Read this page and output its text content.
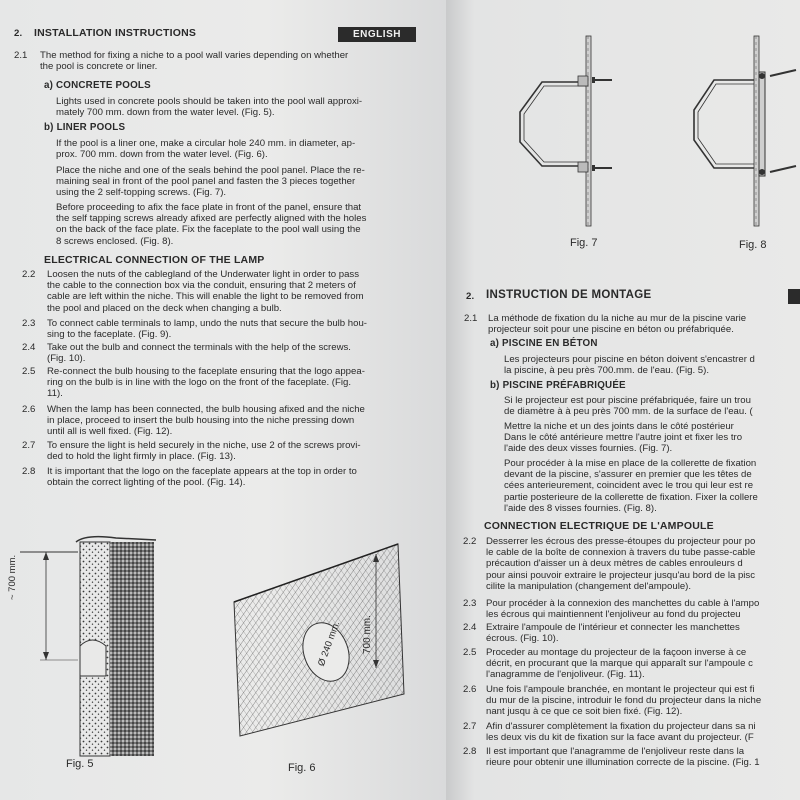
2. INSTALLATION INSTRUCTIONS	ENGLISH
2.1 The method for fixing a niche to a pool wall varies depending on whether
the pool is concrete or liner.
a) CONCRETE POOLS
Lights used in concrete pools should be taken into the pool wall approxi-
mately 700 mm. down from the water level. (Fig. 5).
b) LINER POOLS
If the pool is a liner one, make a circular hole 240 mm. in diameter, ap-
prox. 700 mm. down from the water level. (Fig. 6).
Place the niche and one of the seals behind the pool panel. Place the re-
maining seal in front of the pool panel and fasten the 3 pieces together
using the 2 self-topping screws. (Fig. 7).
Before proceeding to afix the face plate in front of the panel, ensure that
the self tapping screws already afixed are perfectly aligned with the holes
on the back of the face plate. Fix the faceplate to the pool wall using the
8 screws enclosed. (Fig. 8).
ELECTRICAL CONNECTION OF THE LAMP
2.2 Loosen the nuts of the cablegland of the Underwater light in order to pass
the cable to the connection box via the conduit, ensuring that 2 meters of
cable are left within the niche. This will enable the light to be removed from
the pool and placed on the deck when changing a bulb.
2.3 To connect cable terminals to lamp, undo the nuts that secure the bulb hou-
sing to the faceplate. (Fig. 9).
2.4 Take out the bulb and connect the terminals with the help of the screws.
(Fig. 10).
2.5 Re-connect the bulb housing to the faceplate ensuring that the logo appea-
ring on the bulb is in line with the logo on the front of the faceplate. (Fig.
11).
2.6 When the lamp has been connected, the bulb housing afixed and the niche
in place, proceed to insert the bulb housing into the niche pressing down
until all is well fixed. (Fig. 12).
2.7 To ensure the light is held securely in the niche, use 2 of the screws provi-
ded to hold the light firmly in place. (Fig. 13).
2.8 It is important that the logo on the faceplate appears at the top in order to
obtain the correct lighting of the pool. (Fig. 14).
~ 700 mm.
Fig. 5
700 mm.
Ø 240 mm.
Fig. 6
Fig. 7	Fig. 8
2. INSTRUCTION DE MONTAGE
2.1 La méthode de fixation du la niche au mur de la piscine varie
projecteur soit pour une piscine en béton ou préfabriquée.
a) PISCINE EN BÉTON
Les projecteurs pour piscine en béton doivent s'encastrer d
la piscine, à peu près 700.mm. de l'eau. (Fig. 5).
b) PISCINE PRÉFABRIQUÉE
Si le projecteur est pour piscine préfabriquée, faire un trou
de diamètre à à peu près 700 mm. de la surface de l'eau. (
Mettre la niche et un des joints dans le côté postérieur
Dans le côté antérieure mettre l'autre joint et fixer les tro
l'aide des deux visses fournies. (Fig. 7).
Pour procéder à la mise en place de la collerette de fixation
devant de la piscine, s'assurer en premier que les têtes de
cées anterieurement, coincident avec le trou qui leur est re
partie posterieure de la collerette de fixation. Fixer la collere
l'aide des 8 visses fournies. (Fig. 8).
CONNECTION ELECTRIQUE DE L'AMPOULE
2.2 Desserrer les écrous des presse-étoupes du projecteur pour po
le cable de la boîte de connexion à travers du tube passe-cable
précaution d'aisser un à deux mètres de cables enrouleurs d
pour ainsi pouvoir extraire le projecteur jusqu'au bord de la pisc
cilite la manipulation (changement del'ampoule).
2.3 Pour procéder à la connexion des manchettes du cable à l'ampo
les écrous qui maintiennent l'enjoliveur au fond du projecteu
2.4 Extraire l'ampoule de l'intérieur et connecter les manchettes
écrous. (Fig. 10).
2.5 Proceder au montage du projecteur de la façoon inverse à ce
décrit, en procurant que la marque qui apparaît sur l'ampoule c
l'anagramme de l'enjoliveur. (Fig. 11).
2.6 Une fois l'ampoule branchée, en montant le projecteur qui est fi
du mur de la piscine, introduir le fond du projecteur dans la niche
nant jusqu à ce que ce soit bien fixé. (Fig. 12).
2.7 Afin d'assurer complètement la fixation du projecteur dans sa ni
les deux vis du kit de fixation sur la face avant du projecteur. (F
2.8 Il est important que l'anagramme de l'enjoliveur reste dans la
rieure pour obtenir une illumination correcte de la piscine. (Fig. 1
